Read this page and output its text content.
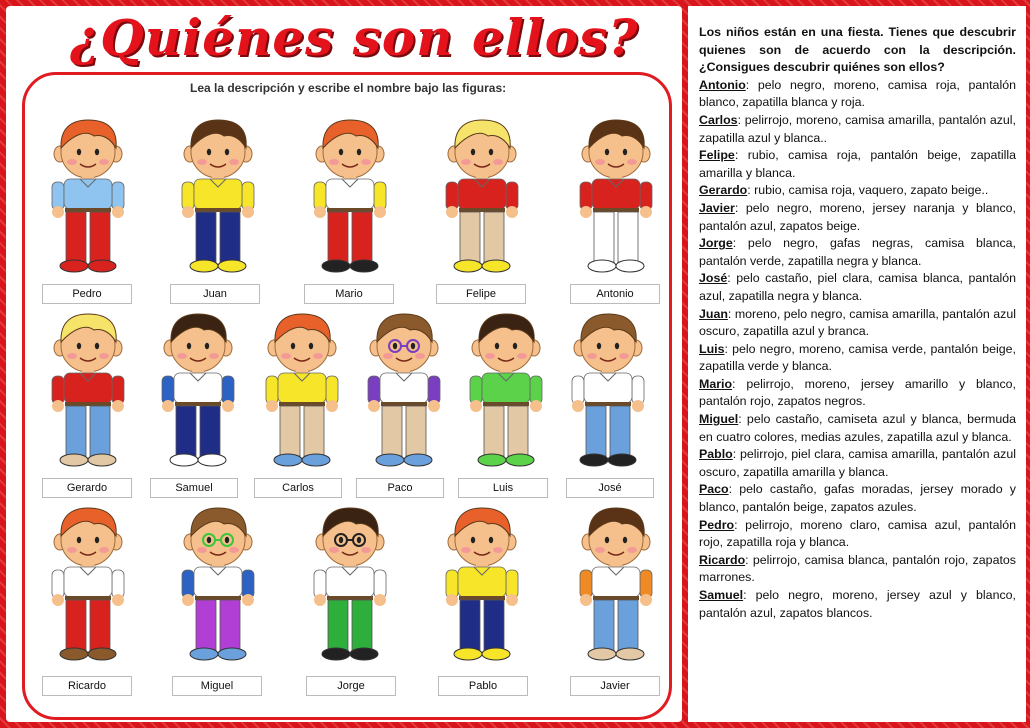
¿Quiénes son ellos?
Lea la descripción y escribe el nombre bajo las figuras:
Pedro	Juan	Mario	Felipe	Antonio
Gerardo	Samuel	Carlos	Paco	Luis	José
Ricardo	Miguel	Jorge	Pablo	Javier

Los niños están en una fiesta. Tienes que descubrir quienes son de acuerdo con la descripción. ¿Consigues descubrir quiénes son ellos?

Antonio: pelo negro, moreno, camisa roja, pantalón blanco, zapatilla blanca y roja.

Carlos: pelirrojo, moreno, camisa amarilla, pantalón azul, zapatilla azul y blanca..

Felipe: rubio, camisa roja, pantalón beige, zapatilla amarilla y blanca.

Gerardo: rubio, camisa roja, vaquero, zapato beige..

Javier: pelo negro, moreno, jersey naranja y blanco, pantalón azul, zapatos beige.

Jorge: pelo negro, gafas negras, camisa blanca, pantalón verde, zapatilla negra y blanca.

José: pelo castaño, piel clara, camisa blanca, pantalón azul, zapatilla negra y blanca.

Juan: moreno, pelo negro, camisa amarilla, pantalón azul oscuro, zapatilla azul y branca.

Luis: pelo negro, moreno, camisa verde, pantalón beige, zapatilla verde y blanca.

Mario: pelirrojo, moreno, jersey amarillo y blanco, pantalón rojo, zapatos negros.

Miguel: pelo castaño, camiseta azul y blanca, bermuda en cuatro colores, medias azules, zapatilla azul y blanca.

Pablo: pelirrojo, piel clara, camisa amarilla, pantalón azul oscuro, zapatilla amarilla y blanca.

Paco: pelo castaño, gafas moradas, jersey morado y blanco, pantalón beige, zapatos azules.

Pedro: pelirrojo, moreno claro, camisa azul, pantalón rojo, zapatilla roja y blanca.

Ricardo: pelirrojo, camisa blanca, pantalón rojo, zapatos marrones.

Samuel: pelo negro, moreno, jersey azul y blanco, pantalón azul, zapatos blancos.
